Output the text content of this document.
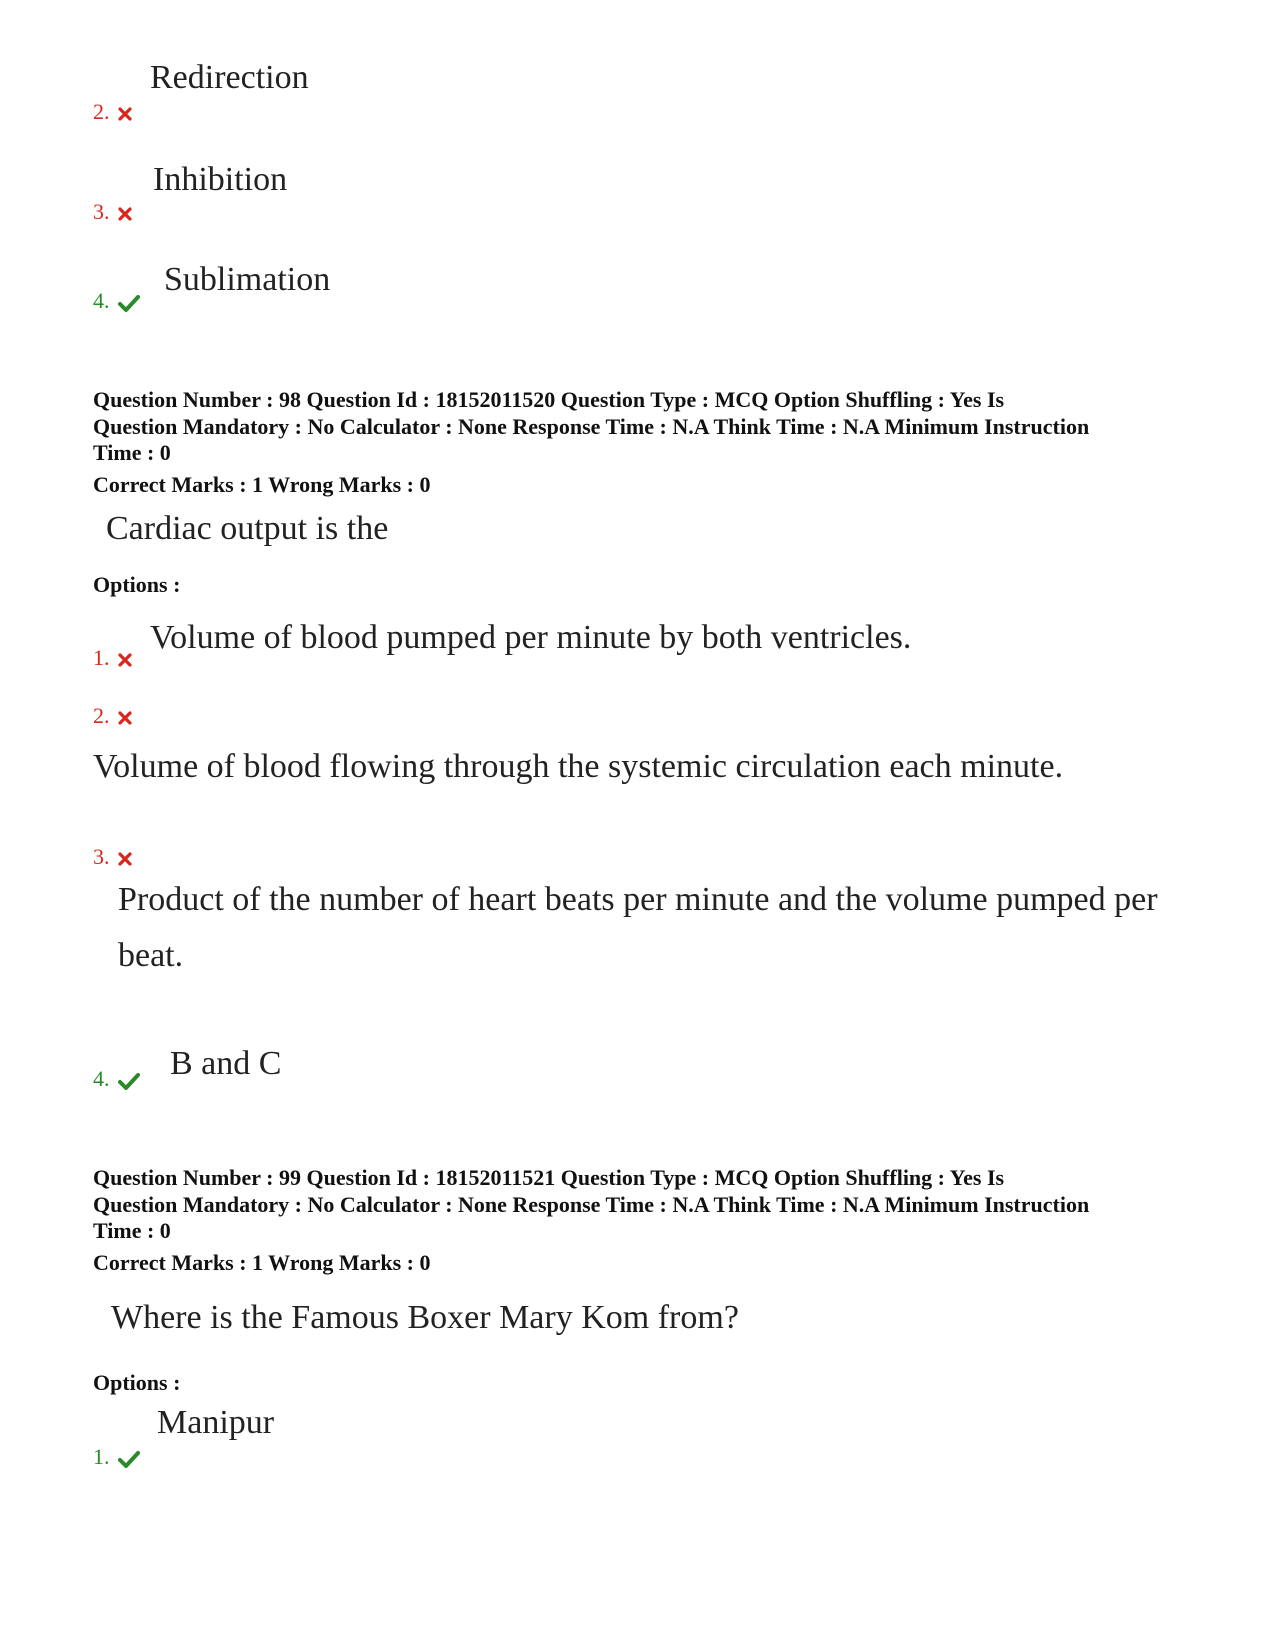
Redirection
2.
Inhibition
3.
Sublimation
4.
Question Number : 98 Question Id : 18152011520 Question Type : MCQ Option Shuffling : Yes Is Question Mandatory : No Calculator : None Response Time : N.A Think Time : N.A Minimum Instruction Time : 0
Correct Marks : 1 Wrong Marks : 0
Cardiac output is the
Options :
1.
Volume of blood pumped per minute by both ventricles.
2.
Volume of blood flowing through the systemic circulation each minute.
3.
Product of the number of heart beats per minute and the volume pumped per beat.
4.	B and C
Question Number : 99 Question Id : 18152011521 Question Type : MCQ Option Shuffling : Yes Is Question Mandatory : No Calculator : None Response Time : N.A Think Time : N.A Minimum Instruction Time : 0
Correct Marks : 1 Wrong Marks : 0
Where is the Famous Boxer Mary Kom from?
Options :
Manipur
1.
